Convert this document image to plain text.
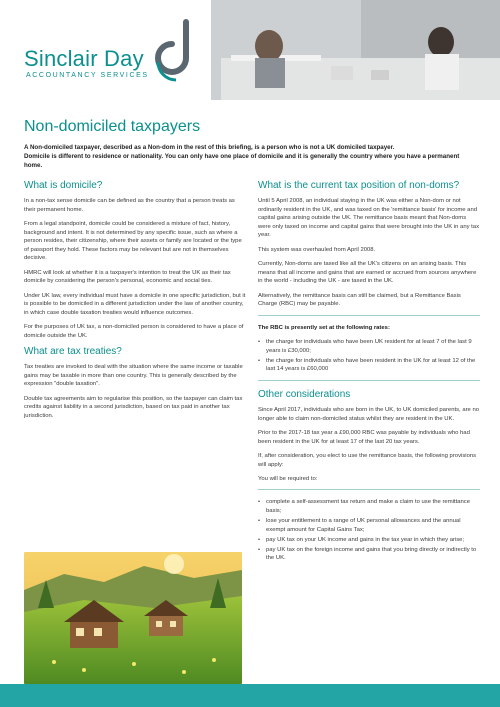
Sinclair Day
ACCOUNTANCY SERVICES
Non-domiciled taxpayers

A Non-domiciled taxpayer, described as a Non-dom in the rest of this briefing, is a person who is not a UK domiciled taxpayer.

Domicile is different to residence or nationality. You can only have one place of domicile and it is generally the country where you have a permanent home.

What is domicile?

In a non-tax sense domicile can be defined as the country that a person treats as their permanent home.

From a legal standpoint, domicile could be considered a mixture of fact, history, background and intent. It is not determined by any specific issue, such as where a person resides, their citizenship, where their assets or family are located or the type of passport they hold. These factors may be relevant but are not in themselves decisive.

HMRC will look at whether it is a taxpayer's intention to treat the UK as their tax domicile by considering the person's personal, economic and social ties.

Under UK law, every individual must have a domicile in one specific jurisdiction, but it is possible to be domiciled in a different jurisdiction under the law of another country, in which case double taxation treaties would influence outcomes.

For the purposes of UK tax, a non-domiciled person is considered to have a place of domicile outside the UK.

What are tax treaties?

Tax treaties are invoked to deal with the situation where the same income or taxable gains may be taxable in more than one country. This is generally described by the expression "double taxation".

Double tax agreements aim to regularise this position, so the taxpayer can claim tax credits against liability in a second jurisdiction, based on tax paid in another tax jurisdiction.

What is the current tax position of non-doms?

Until 5 April 2008, an individual staying in the UK was either a Non-dom or not ordinarily resident in the UK, and was taxed on the 'remittance basis' for income and capital gains arising outside the UK. The remittance basis meant that Non-doms were only taxed on income and capital gains that were brought into the UK in any tax year.

This system was overhauled from April 2008.

Currently, Non-doms are taxed like all the UK's citizens on an arising basis. This means that all income and gains that are earned or accrued from sources anywhere in the world - including the UK - are taxed in the UK.

Alternatively, the remittance basis can still be claimed, but a Remittance Basis Charge (RBC) may be payable.

The RBC is presently set at the following rates:

• the charge for individuals who have been UK resident for at least 7 of the last 9 years is £30,000;
• the charge for individuals who have been resident in the UK for at least 12 of the last 14 years is £60,000
Other considerations

Since April 2017, individuals who are born in the UK, to UK domiciled parents, are no longer able to claim non-domiciled status whilst they are resident in the UK.

Prior to the 2017-18 tax year a £90,000 RBC was payable by individuals who had been resident in the UK for at least 17 of the last 20 tax years.

If, after consideration, you elect to use the remittance basis, the following provisions will apply:

You will be required to:

• complete a self-assessment tax return and make a claim to use the remittance basis;
• lose your entitlement to a range of UK personal allowances and the annual exempt amount for Capital Gains Tax;
• pay UK tax on your UK income and gains in the tax year in which they arise;
• pay UK tax on the foreign income and gains that you bring directly or indirectly to the UK.
